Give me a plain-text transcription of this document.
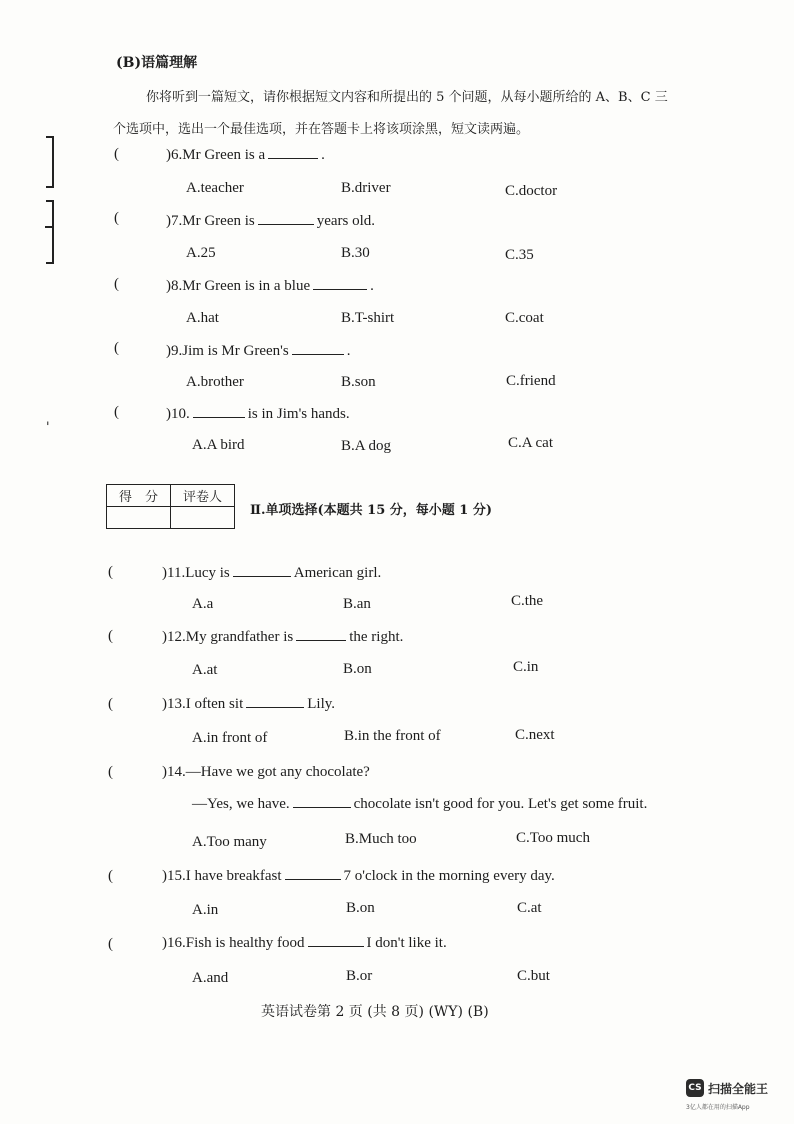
(B)语篇理解
你将听到一篇短文，请你根据短文内容和所提出的 5 个问题，从每小题所给的 A、B、C 三
个选项中，选出一个最佳选项，并在答题卡上将该项涂黑，短文读两遍。
'
(	)6.Mr Green is a	.
A.teacher	B.driver	C.doctor
(	)7.Mr Green is	years old.
A.25	B.30	C.35
(	)8.Mr Green is in a blue	.
A.hat	B.T-shirt	C.coat
(	)9.Jim is Mr Green's	.
A.brother	B.son	C.friend
(	)10.	is in Jim's hands.
A.A bird	B.A dog	C.A cat
得　分	评卷人

Ⅱ.单项选择(本题共 15 分，每小题 1 分)
(	)11.Lucy is	American girl.
A.a	B.an	C.the
(	)12.My grandfather is	the right.
A.at	B.on	C.in
(	)13.I often sit	Lily.
A.in front of	B.in the front of	C.next
(	)14.—Have we got any chocolate?
—Yes, we have.	chocolate isn't good for you. Let's get some fruit.
A.Too many	B.Much too	C.Too much
(	)15.I have breakfast	7 o'clock in the morning every day.
A.in	B.on	C.at
(	)16.Fish is healthy food	I don't like it.
A.and	B.or	C.but
英语试卷第 2 页 (共 8 页) (WY) (B)
CS 扫描全能王
3亿人都在用的扫描App
